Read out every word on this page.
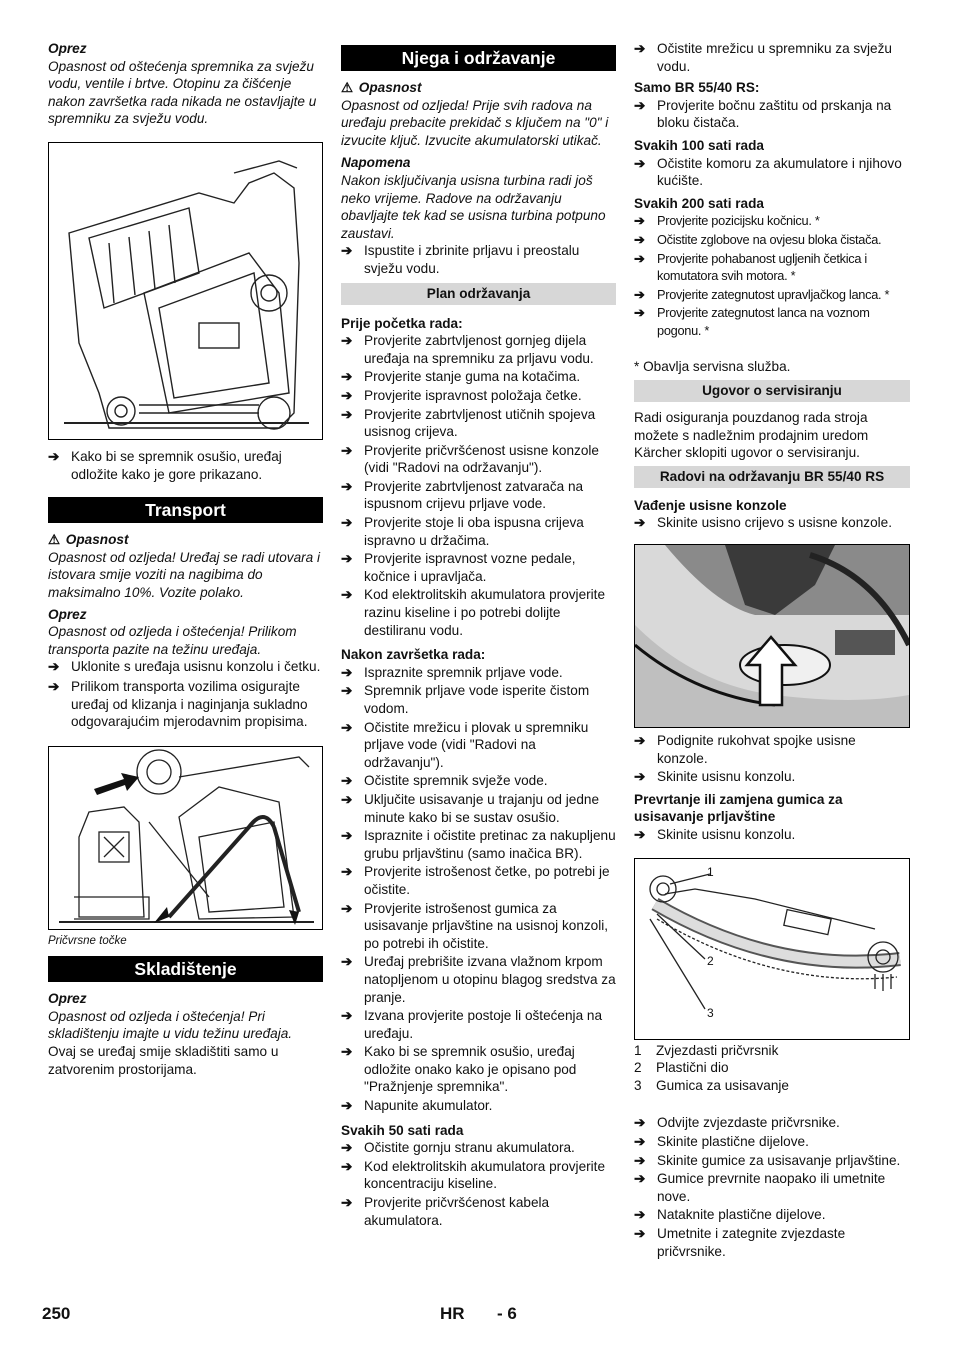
Oprez

Opasnost od oštećenja spremnika za svježu vodu, ventile i brtve. Otopinu za čišćenje nakon završetka rada nikada ne ostavljajte u spremniku za svježu vodu.

➔ Kako bi se spremnik osušio, uređaj odložite kako je gore prikazano.
Transport

⚠ Opasnost

Opasnost od ozljeda! Uređaj se radi utovara i istovara smije voziti na nagibima do maksimalno 10%. Vozite polako.

Oprez

Opasnost od ozljeda i oštećenja! Prilikom transporta pazite na težinu uređaja.

➔ Uklonite s uređaja usisnu konzolu i četku.
➔ Prilikom transporta vozilima osigurajte uređaj od klizanja i naginjanja sukladno odgovarajućim mjerodavnim propisima.

Pričvrsne točke

Skladištenje

Oprez

Opasnost od ozljeda i oštećenja! Pri skladištenju imajte u vidu težinu uređaja.

Ovaj se uređaj smije skladištiti samo u zatvorenim prostorijama.

Njega i održavanje

⚠ Opasnost

Opasnost od ozljeda! Prije svih radova na uređaju prebacite prekidač s ključem na "0" i izvucite ključ. Izvucite akumulatorski utikač.

Napomena

Nakon isključivanja usisna turbina radi još neko vrijeme. Radove na održavanju obavljajte tek kad se usisna turbina potpuno zaustavi.

➔ Ispustite i zbrinite prljavu i preostalu svježu vodu.
Plan održavanja

Prije početka rada:

➔ Provjerite zabrtvljenost gornjeg dijela uređaja na spremniku za prljavu vodu.
➔ Provjerite stanje guma na kotačima.
➔ Provjerite ispravnost položaja četke.
➔ Provjerite zabrtvljenost utičnih spojeva usisnog crijeva.
➔ Provjerite pričvršćenost usisne konzole (vidi "Radovi na održavanju").
➔ Provjerite zabrtvljenost zatvarača na ispusnom crijevu prljave vode.
➔ Provjerite stoje li oba ispusna crijeva ispravno u držačima.
➔ Provjerite ispravnost vozne pedale, kočnice i upravljača.
➔ Kod elektrolitskih akumulatora provjerite razinu kiseline i po potrebi dolijte destiliranu vodu.

Nakon završetka rada:

➔ Ispraznite spremnik prljave vode.
➔ Spremnik prljave vode isperite čistom vodom.
➔ Očistite mrežicu i plovak u spremniku prljave vode (vidi "Radovi na održavanju").
➔ Očistite spremnik svježe vode.
➔ Uključite usisavanje u trajanju od jedne minute kako bi se sustav osušio.
➔ Ispraznite i očistite pretinac za nakupljenu grubu prljavštinu (samo inačica BR).
➔ Provjerite istrošenost četke, po potrebi je očistite.
➔ Provjerite istrošenost gumica za usisavanje prljavštine na usisnoj konzoli, po potrebi ih očistite.
➔ Uređaj prebrišite izvana vlažnom krpom natopljenom u otopinu blagog sredstva za pranje.
➔ Izvana provjerite postoje li oštećenja na uređaju.
➔ Kako bi se spremnik osušio, uređaj odložite onako kako je opisano pod "Pražnjenje spremnika".
➔ Napunite akumulator.

Svakih 50 sati rada

➔ Očistite gornju stranu akumulatora.
➔ Kod elektrolitskih akumulatora provjerite koncentraciju kiseline.
➔ Provjerite pričvršćenost kabela akumulatora.
➔ Očistite mrežicu u spremniku za svježu vodu.

Samo BR 55/40 RS:

➔ Provjerite bočnu zaštitu od prskanja na bloku čistača.

Svakih 100 sati rada

➔ Očistite komoru za akumulatore i njihovo kućište.

Svakih 200 sati rada

➔ Provjerite pozicijsku kočnicu. *
➔ Očistite zglobove na ovjesu bloka čistača.
➔ Provjerite pohabanost ugljenih četkica i komutatora svih motora. *
➔ Provjerite zategnutost upravljačkog lanca. *
➔ Provjerite zategnutost lanca na voznom pogonu. *

* Obavlja servisna služba.

Ugovor o servisiranju

Radi osiguranja pouzdanog rada stroja možete s nadležnim prodajnim uredom Kärcher sklopiti ugovor o servisiranju.

Radovi na održavanju BR 55/40 RS

Vađenje usisne konzole

➔ Skinite usisno crijevo s usisne konzole.
➔ Podignite rukohvat spojke usisne konzole.
➔ Skinite usisnu konzolu.

Prevrtanje ili zamjena gumica za usisavanje prljavštine

➔ Skinite usisnu konzolu.
1
2
3
1 Zvjezdasti pričvrsnik
2 Plastični dio
3 Gumica za usisavanje
➔ Odvijte zvjezdaste pričvrsnike.
➔ Skinite plastične dijelove.
➔ Skinite gumice za usisavanje prljavštine.
➔ Gumice prevrnite naopako ili umetnite nove.
➔ Nataknite plastične dijelove.
➔ Umetnite i zategnite zvjezdaste pričvrsnike.
250	HR - 6
